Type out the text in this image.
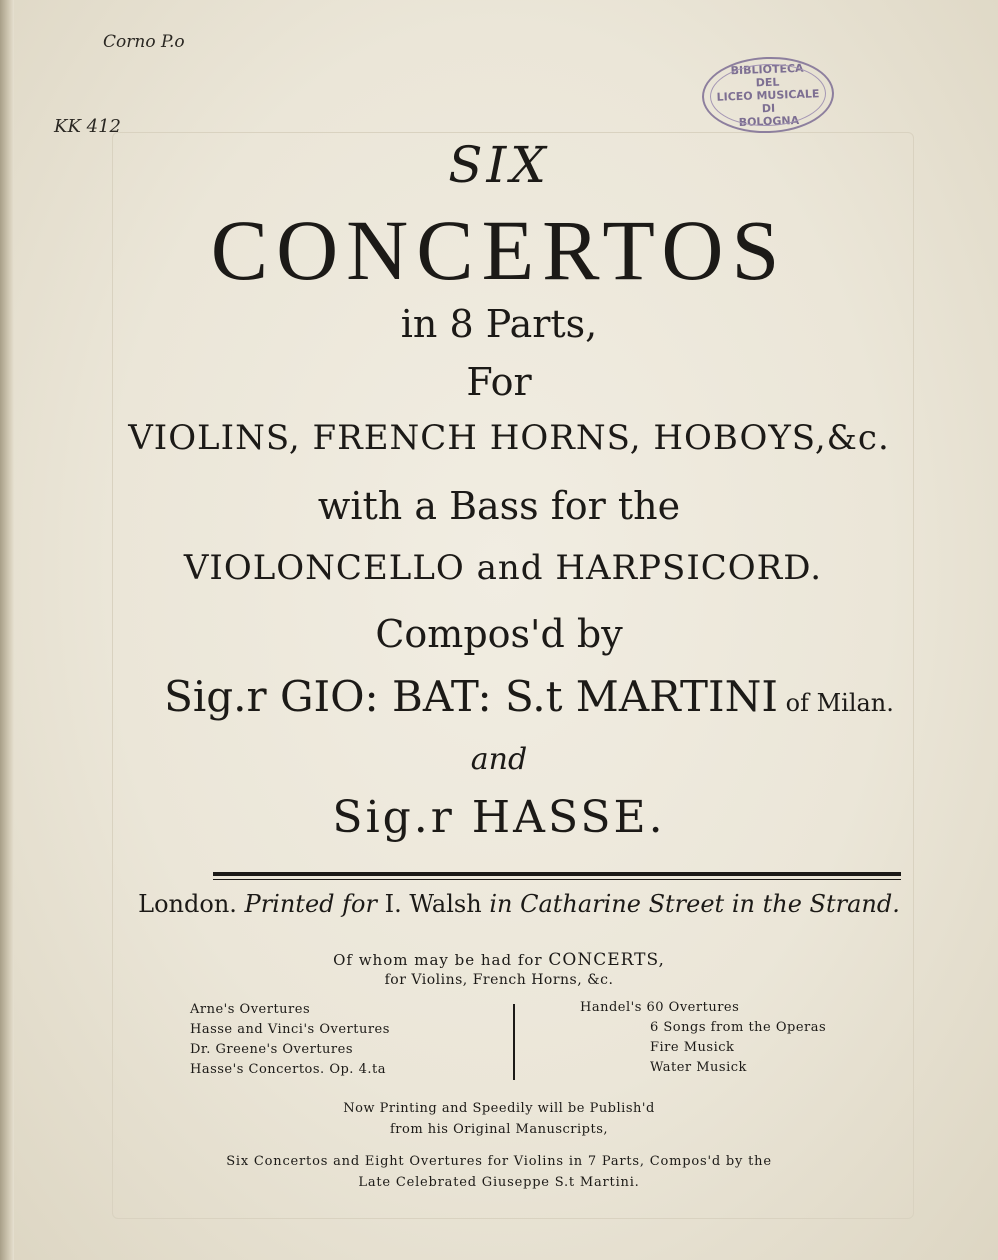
Corno P.o
KK 412
BIBLIOTECA
DEL
LICEO MUSICALE
DI
BOLOGNA
SIX
CONCERTOS
in 8 Parts,
For
VIOLINS, FRENCH HORNS, HOBOYS,&c.
with a Bass for the
VIOLONCELLO and HARPSICORD.
Compos'd by
Sig.r GIO: BAT: S.t MARTINI of Milan.
and
Sig.r HASSE.
London. Printed for I. Walsh in Catharine Street in the Strand.
Of whom may be had for CONCERTS,
for Violins, French Horns, &c.
Arne's Overtures
Hasse and Vinci's Overtures
Dr. Greene's Overtures
Hasse's Concertos. Op. 4.ta
Handel's 60 Overtures
6 Songs from the Operas
Fire Musick
Water Musick
Now Printing and Speedily will be Publish'd
from his Original Manuscripts,
Six Concertos and Eight Overtures for Violins in 7 Parts, Compos'd by the
Late Celebrated Giuseppe S.t Martini.
